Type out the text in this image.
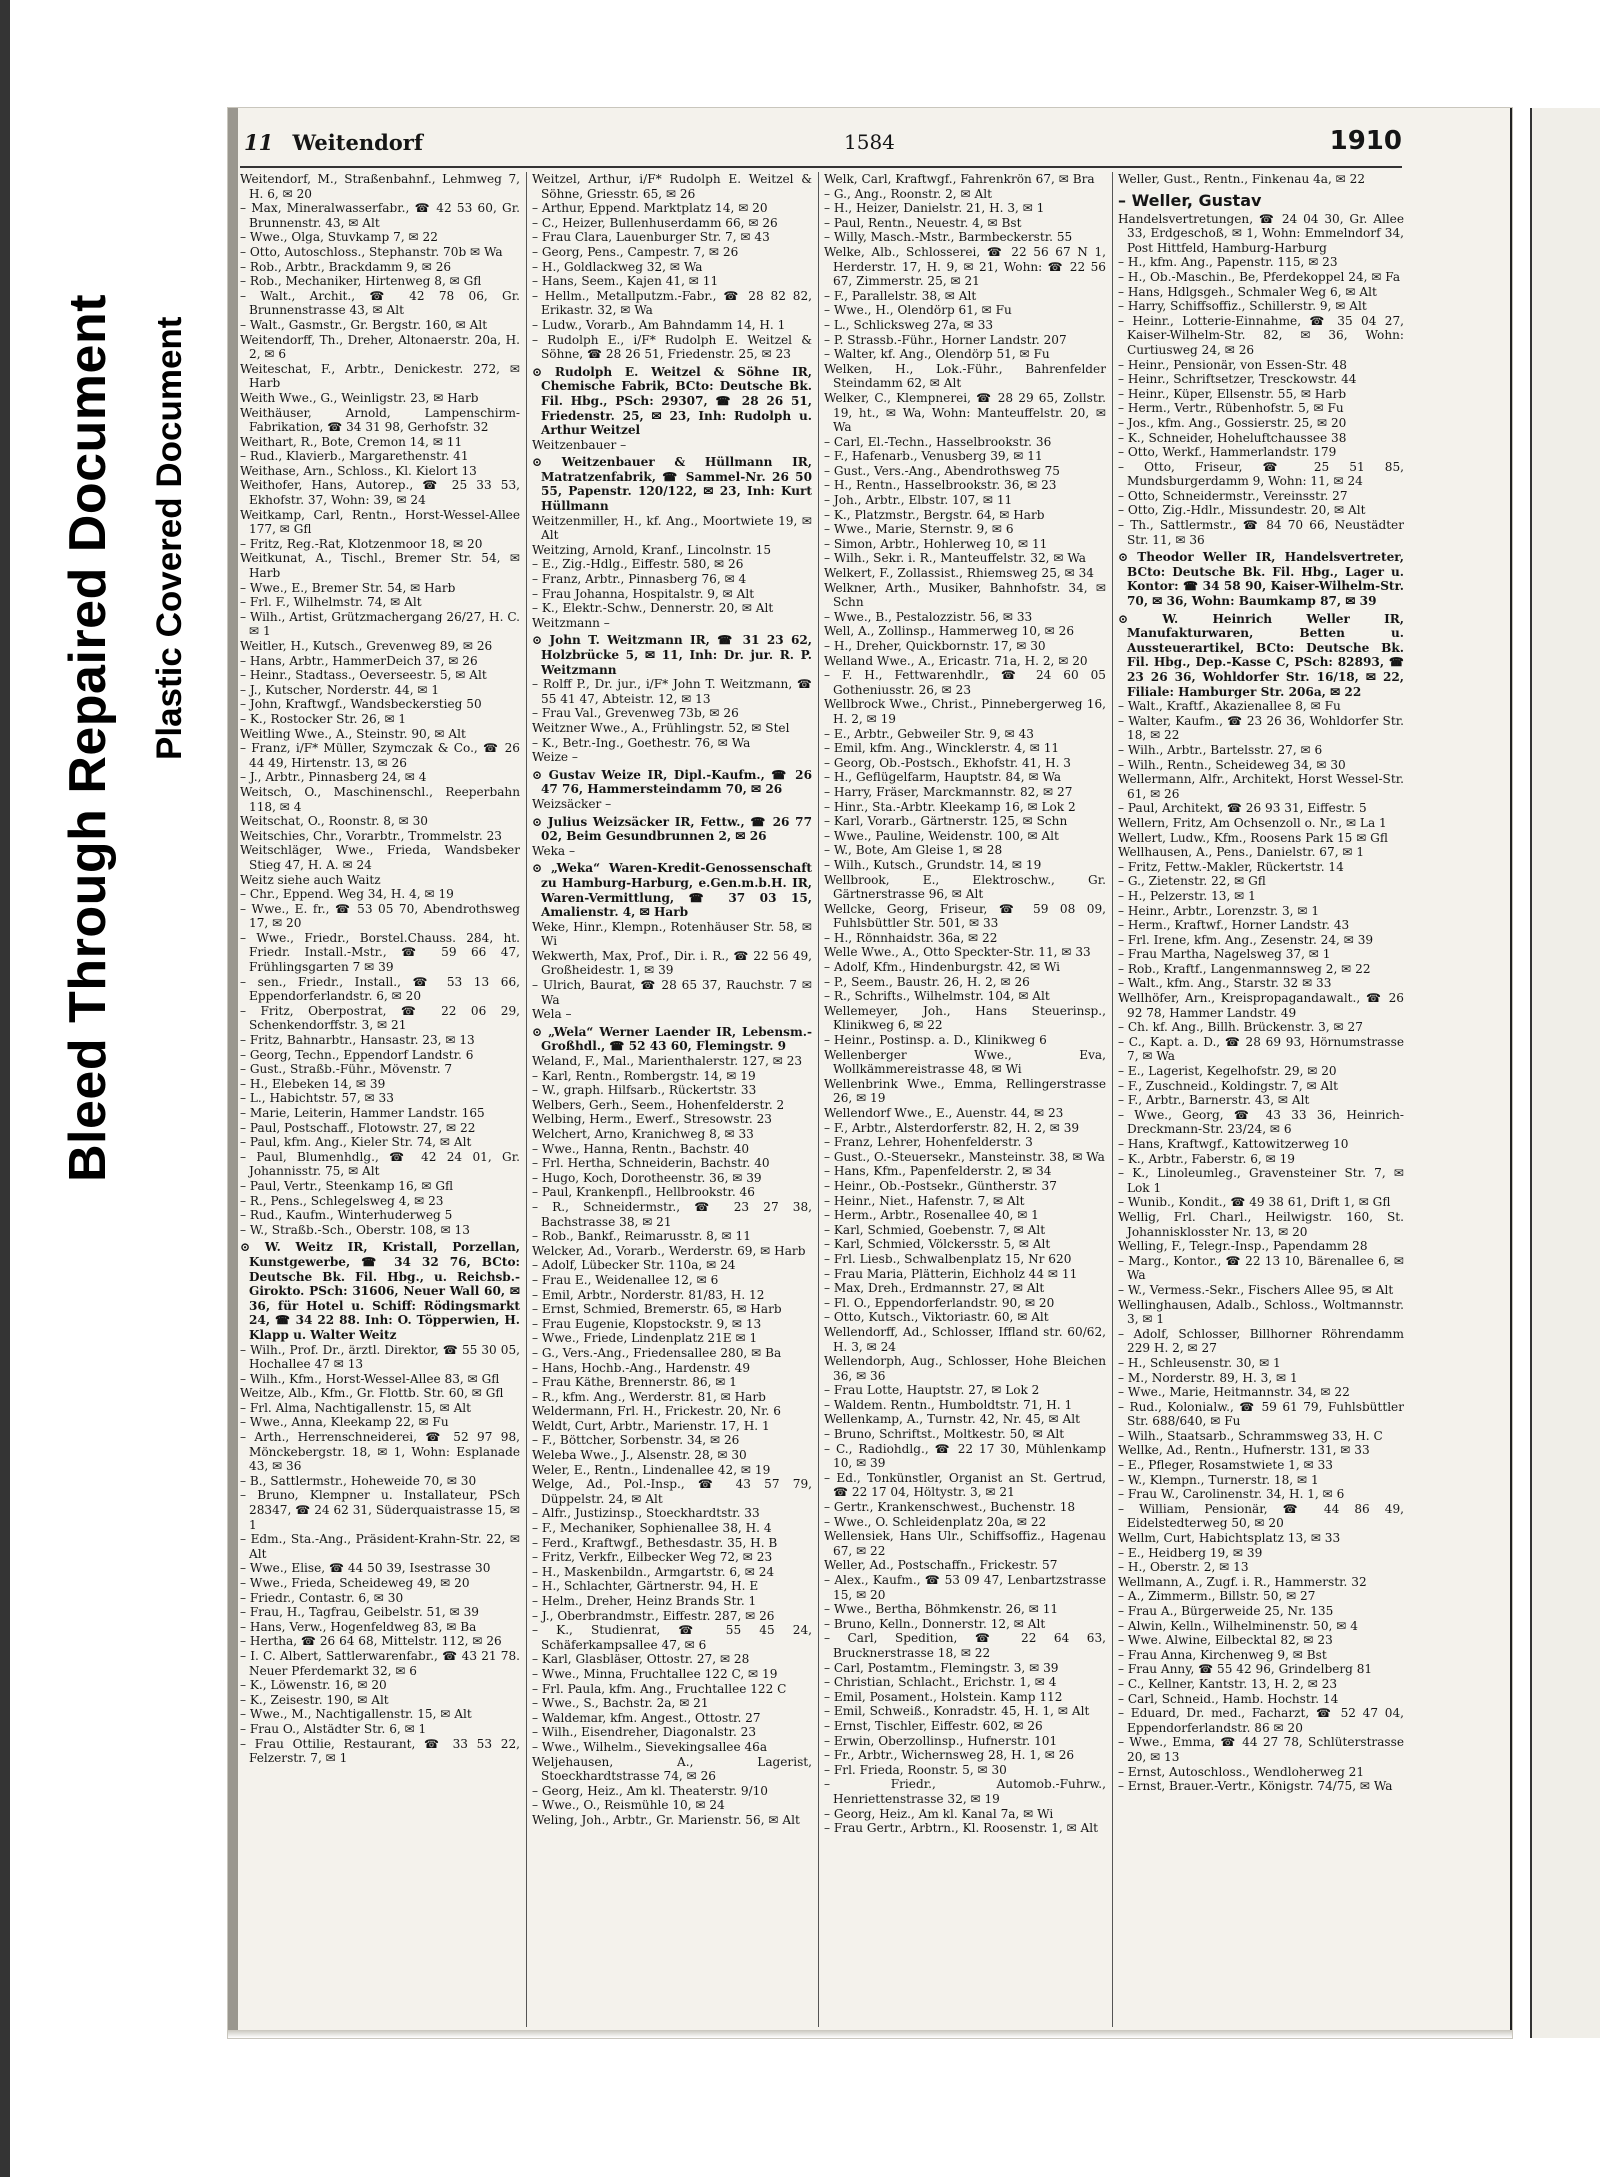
Bleed Through Repaired Document Plastic Covered Document
11 Weitendorf	1584	1910

Weitendorf, M., Straßenbahnf., Lehmweg 7, H. 6, ✉ 20

– Max, Mineralwasserfabr., ☎ 42 53 60, Gr. Brunnenstr. 43, ✉ Alt

– Wwe., Olga, Stuvkamp 7, ✉ 22

– Otto, Autoschloss., Stephanstr. 70b ✉ Wa

– Rob., Arbtr., Brackdamm 9, ✉ 26

– Rob., Mechaniker, Hirtenweg 8, ✉ Gfl

– Walt., Archit., ☎ 42 78 06, Gr. Brunnenstrasse 43, ✉ Alt

– Walt., Gasmstr., Gr. Bergstr. 160, ✉ Alt

Weitendorff, Th., Dreher, Altonaerstr. 20a, H. 2, ✉ 6

Weiteschat, F., Arbtr., Denickestr. 272, ✉ Harb

Weith Wwe., G., Weinligstr. 23, ✉ Harb

Weithäuser, Arnold, Lampenschirm-Fabrikation, ☎ 34 31 98, Gerhofstr. 32

Weithart, R., Bote, Cremon 14, ✉ 11

– Rud., Klavierb., Margarethenstr. 41

Weithase, Arn., Schloss., Kl. Kielort 13

Weithofer, Hans, Autorep., ☎ 25 33 53, Ekhofstr. 37, Wohn: 39, ✉ 24

Weitkamp, Carl, Rentn., Horst-Wessel-Allee 177, ✉ Gfl

– Fritz, Reg.-Rat, Klotzenmoor 18, ✉ 20

Weitkunat, A., Tischl., Bremer Str. 54, ✉ Harb

– Wwe., E., Bremer Str. 54, ✉ Harb

– Frl. F., Wilhelmstr. 74, ✉ Alt

– Wilh., Artist, Grützmachergang 26/27, H. C. ✉ 1

Weitler, H., Kutsch., Grevenweg 89, ✉ 26

– Hans, Arbtr., HammerDeich 37, ✉ 26

– Heinr., Stadtass., Oeverseestr. 5, ✉ Alt

– J., Kutscher, Norderstr. 44, ✉ 1

– John, Kraftwgf., Wandsbeckerstieg 50

– K., Rostocker Str. 26, ✉ 1

Weitling Wwe., A., Steinstr. 90, ✉ Alt

– Franz, i/F* Müller, Szymczak & Co., ☎ 26 44 49, Hirtenstr. 13, ✉ 26

– J., Arbtr., Pinnasberg 24, ✉ 4

Weitsch, O., Maschinenschl., Reeperbahn 118, ✉ 4

Weitschat, O., Roonstr. 8, ✉ 30

Weitschies, Chr., Vorarbtr., Trommelstr. 23

Weitschläger, Wwe., Frieda, Wandsbeker Stieg 47, H. A. ✉ 24

Weitz siehe auch Waitz

– Chr., Eppend. Weg 34, H. 4, ✉ 19

– Wwe., E. fr., ☎ 53 05 70, Abendrothsweg 17, ✉ 20

– Wwe., Friedr., Borstel.Chauss. 284, ht. Friedr. Install.-Mstr., ☎ 59 66 47, Frühlingsgarten 7 ✉ 39

– sen., Friedr., Install., ☎ 53 13 66, Eppendorferlandstr. 6, ✉ 20

– Fritz, Oberpostrat, ☎ 22 06 29, Schenkendorffstr. 3, ✉ 21

– Fritz, Bahnarbtr., Hansastr. 23, ✉ 13

– Georg, Techn., Eppendorf Landstr. 6

– Gust., Straßb.-Führ., Mövenstr. 7

– H., Elebeken 14, ✉ 39

– L., Habichtstr. 57, ✉ 33

– Marie, Leiterin, Hammer Landstr. 165

– Paul, Postschaff., Flotowstr. 27, ✉ 22

– Paul, kfm. Ang., Kieler Str. 74, ✉ Alt

– Paul, Blumenhdlg., ☎ 42 24 01, Gr. Johannisstr. 75, ✉ Alt

– Paul, Vertr., Steenkamp 16, ✉ Gfl

– R., Pens., Schlegelsweg 4, ✉ 23

– Rud., Kaufm., Winterhuderweg 5

– W., Straßb.-Sch., Oberstr. 108, ✉ 13

⊙ W. Weitz IR, Kristall, Porzellan, Kunstgewerbe, ☎ 34 32 76, BCto: Deutsche Bk. Fil. Hbg., u. Reichsb.-Girokto. PSch: 31606, Neuer Wall 60, ✉ 36, für Hotel u. Schiff: Rödingsmarkt 24, ☎ 34 22 88. Inh: O. Töpperwien, H. Klapp u. Walter Weitz

– Wilh., Prof. Dr., ärztl. Direktor, ☎ 55 30 05, Hochallee 47 ✉ 13

– Wilh., Kfm., Horst-Wessel-Allee 83, ✉ Gfl

Weitze, Alb., Kfm., Gr. Flottb. Str. 60, ✉ Gfl

– Frl. Alma, Nachtigallenstr. 15, ✉ Alt

– Wwe., Anna, Kleekamp 22, ✉ Fu

– Arth., Herrenschneiderei, ☎ 52 97 98, Mönckebergstr. 18, ✉ 1, Wohn: Esplanade 43, ✉ 36

– B., Sattlermstr., Hoheweide 70, ✉ 30

– Bruno, Klempner u. Installateur, PSch 28347, ☎ 24 62 31, Süderquaistrasse 15, ✉ 1

– Edm., Sta.-Ang., Präsident-Krahn-Str. 22, ✉ Alt

– Wwe., Elise, ☎ 44 50 39, Isestrasse 30

– Wwe., Frieda, Scheideweg 49, ✉ 20

– Friedr., Contastr. 6, ✉ 30

– Frau, H., Tagfrau, Geibelstr. 51, ✉ 39

– Hans, Verw., Hogenfeldweg 83, ✉ Ba

– Hertha, ☎ 26 64 68, Mittelstr. 112, ✉ 26

– I. C. Albert, Sattlerwarenfabr., ☎ 43 21 78. Neuer Pferdemarkt 32, ✉ 6

– K., Löwenstr. 16, ✉ 20

– K., Zeisestr. 190, ✉ Alt

– Wwe., M., Nachtigallenstr. 15, ✉ Alt

– Frau O., Alstädter Str. 6, ✉ 1

– Frau Ottilie, Restaurant, ☎ 33 53 22, Felzerstr. 7, ✉ 1

Weitzel, Arthur, i/F* Rudolph E. Weitzel & Söhne, Griesstr. 65, ✉ 26

– Arthur, Eppend. Marktplatz 14, ✉ 20

– C., Heizer, Bullenhuserdamm 66, ✉ 26

– Frau Clara, Lauenburger Str. 7, ✉ 43

– Georg, Pens., Campestr. 7, ✉ 26

– H., Goldlackweg 32, ✉ Wa

– Hans, Seem., Kajen 41, ✉ 11

– Hellm., Metallputzm.-Fabr., ☎ 28 82 82, Erikastr. 32, ✉ Wa

– Ludw., Vorarb., Am Bahndamm 14, H. 1

– Rudolph E., i/F* Rudolph E. Weitzel & Söhne, ☎ 28 26 51, Friedenstr. 25, ✉ 23

⊙ Rudolph E. Weitzel & Söhne IR, Chemische Fabrik, BCto: Deutsche Bk. Fil. Hbg., PSch: 29307, ☎ 28 26 51, Friedenstr. 25, ✉ 23, Inh: Rudolph u. Arthur Weitzel

Weitzenbauer –

⊙ Weitzenbauer & Hüllmann IR, Matratzenfabrik, ☎ Sammel-Nr. 26 50 55, Papenstr. 120/122, ✉ 23, Inh: Kurt Hüllmann

Weitzenmiller, H., kf. Ang., Moortwiete 19, ✉ Alt

Weitzing, Arnold, Kranf., Lincolnstr. 15

– E., Zig.-Hdlg., Eiffestr. 580, ✉ 26

– Franz, Arbtr., Pinnasberg 76, ✉ 4

– Frau Johanna, Hospitalstr. 9, ✉ Alt

– K., Elektr.-Schw., Dennerstr. 20, ✉ Alt

Weitzmann –

⊙ John T. Weitzmann IR, ☎ 31 23 62, Holzbrücke 5, ✉ 11, Inh: Dr. jur. R. P. Weitzmann

– Rolff P., Dr. jur., i/F* John T. Weitzmann, ☎ 55 41 47, Abteistr. 12, ✉ 13

– Frau Val., Grevenweg 73b, ✉ 26

Weitzner Wwe., A., Frühlingstr. 52, ✉ Stel

– K., Betr.-Ing., Goethestr. 76, ✉ Wa

Weize –

⊙ Gustav Weize IR, Dipl.-Kaufm., ☎ 26 47 76, Hammersteindamm 70, ✉ 26

Weizsäcker –

⊙ Julius Weizsäcker IR, Fettw., ☎ 26 77 02, Beim Gesundbrunnen 2, ✉ 26

Weka –

⊙ „Weka“ Waren-Kredit-Genossenschaft zu Hamburg-Harburg, e.Gen.m.b.H. IR, Waren-Vermittlung, ☎ 37 03 15, Amalienstr. 4, ✉ Harb

Weke, Hinr., Klempn., Rotenhäuser Str. 58, ✉ Wi

Wekwerth, Max, Prof., Dir. i. R., ☎ 22 56 49, Großheidestr. 1, ✉ 39

– Ulrich, Baurat, ☎ 28 65 37, Rauchstr. 7 ✉ Wa

Wela –

⊙ „Wela“ Werner Laender IR, Lebensm.-Großhdl., ☎ 52 43 60, Flemingstr. 9

Weland, F., Mal., Marienthalerstr. 127, ✉ 23

– Karl, Rentn., Rombergstr. 14, ✉ 19

– W., graph. Hilfsarb., Rückertstr. 33

Welbers, Gerh., Seem., Hohenfelderstr. 2

Welbing, Herm., Ewerf., Stresowstr. 23

Welchert, Arno, Kranichweg 8, ✉ 33

– Wwe., Hanna, Rentn., Bachstr. 40

– Frl. Hertha, Schneiderin, Bachstr. 40

– Hugo, Koch, Dorotheenstr. 36, ✉ 39

– Paul, Krankenpfl., Hellbrookstr. 46

– R., Schneidermstr., ☎ 23 27 38, Bachstrasse 38, ✉ 21

– Rob., Bankf., Reimarusstr. 8, ✉ 11

Welcker, Ad., Vorarb., Werderstr. 69, ✉ Harb

– Adolf, Lübecker Str. 110a, ✉ 24

– Frau E., Weidenallee 12, ✉ 6

– Emil, Arbtr., Norderstr. 81/83, H. 12

– Ernst, Schmied, Bremerstr. 65, ✉ Harb

– Frau Eugenie, Klopstockstr. 9, ✉ 13

– Wwe., Friede, Lindenplatz 21E ✉ 1

– G., Vers.-Ang., Friedensallee 280, ✉ Ba

– Hans, Hochb.-Ang., Hardenstr. 49

– Frau Käthe, Brennerstr. 86, ✉ 1

– R., kfm. Ang., Werderstr. 81, ✉ Harb

Weldermann, Frl. H., Frickestr. 20, Nr. 6

Weldt, Curt, Arbtr., Marienstr. 17, H. 1

– F., Böttcher, Sorbenstr. 34, ✉ 26

Weleba Wwe., J., Alsenstr. 28, ✉ 30

Weler, E., Rentn., Lindenallee 42, ✉ 19

Welge, Ad., Pol.-Insp., ☎ 43 57 79, Düppelstr. 24, ✉ Alt

– Alfr., Justizinsp., Stoeckhardtstr. 33

– F., Mechaniker, Sophienallee 38, H. 4

– Ferd., Kraftwgf., Bethesdastr. 35, H. B

– Fritz, Verkfr., Eilbecker Weg 72, ✉ 23

– H., Maskenbildn., Armgartstr. 6, ✉ 24

– H., Schlachter, Gärtnerstr. 94, H. E

– Helm., Dreher, Heinz Brands Str. 1

– J., Oberbrandmstr., Eiffestr. 287, ✉ 26

– K., Studienrat, ☎ 55 45 24, Schäferkampsallee 47, ✉ 6

– Karl, Glasbläser, Ottostr. 27, ✉ 28

– Wwe., Minna, Fruchtallee 122 C, ✉ 19

– Frl. Paula, kfm. Ang., Fruchtallee 122 C

– Wwe., S., Bachstr. 2a, ✉ 21

– Waldemar, kfm. Angest., Ottostr. 27

– Wilh., Eisendreher, Diagonalstr. 23

– Wwe., Wilhelm., Sievekingsallee 46a

Weljehausen, A., Lagerist, Stoeckhardtstrasse 74, ✉ 26

– Georg, Heiz., Am kl. Theaterstr. 9/10

– Wwe., O., Reismühle 10, ✉ 24

Weling, Joh., Arbtr., Gr. Marienstr. 56, ✉ Alt

Welk, Carl, Kraftwgf., Fahrenkrön 67, ✉ Bra

– G., Ang., Roonstr. 2, ✉ Alt

– H., Heizer, Danielstr. 21, H. 3, ✉ 1

– Paul, Rentn., Neuestr. 4, ✉ Bst

– Willy, Masch.-Mstr., Barmbeckerstr. 55

Welke, Alb., Schlosserei, ☎ 22 56 67 N 1, Herderstr. 17, H. 9, ✉ 21, Wohn: ☎ 22 56 67, Zimmerstr. 25, ✉ 21

– F., Parallelstr. 38, ✉ Alt

– Wwe., H., Olendörp 61, ✉ Fu

– L., Schlicksweg 27a, ✉ 33

– P. Strassb.-Führ., Horner Landstr. 207

– Walter, kf. Ang., Olendörp 51, ✉ Fu

Welken, H., Lok.-Führ., Bahrenfelder Steindamm 62, ✉ Alt

Welker, C., Klempnerei, ☎ 28 29 65, Zollstr. 19, ht., ✉ Wa, Wohn: Manteuffelstr. 20, ✉ Wa

– Carl, El.-Techn., Hasselbrookstr. 36

– F., Hafenarb., Venusberg 39, ✉ 11

– Gust., Vers.-Ang., Abendrothsweg 75

– H., Rentn., Hasselbrookstr. 36, ✉ 23

– Joh., Arbtr., Elbstr. 107, ✉ 11

– K., Platzmstr., Bergstr. 64, ✉ Harb

– Wwe., Marie, Sternstr. 9, ✉ 6

– Simon, Arbtr., Hohlerweg 10, ✉ 11

– Wilh., Sekr. i. R., Manteuffelstr. 32, ✉ Wa

Welkert, F., Zollassist., Rhiemsweg 25, ✉ 34

Welkner, Arth., Musiker, Bahnhofstr. 34, ✉ Schn

– Wwe., B., Pestalozzistr. 56, ✉ 33

Well, A., Zollinsp., Hammerweg 10, ✉ 26

– H., Dreher, Quickbornstr. 17, ✉ 30

Welland Wwe., A., Ericastr. 71a, H. 2, ✉ 20

– F. H., Fettwarenhdlr., ☎ 24 60 05 Gotheniusstr. 26, ✉ 23

Wellbrock Wwe., Christ., Pinnebergerweg 16, H. 2, ✉ 19

– E., Arbtr., Gebweiler Str. 9, ✉ 43

– Emil, kfm. Ang., Wincklerstr. 4, ✉ 11

– Georg, Ob.-Postsch., Ekhofstr. 41, H. 3

– H., Geflügelfarm, Hauptstr. 84, ✉ Wa

– Harry, Fräser, Marckmannstr. 82, ✉ 27

– Hinr., Sta.-Arbtr. Kleekamp 16, ✉ Lok 2

– Karl, Vorarb., Gärtnerstr. 125, ✉ Schn

– Wwe., Pauline, Weidenstr. 100, ✉ Alt

– W., Bote, Am Gleise 1, ✉ 28

– Wilh., Kutsch., Grundstr. 14, ✉ 19

Wellbrook, E., Elektroschw., Gr. Gärtnerstrasse 96, ✉ Alt

Wellcke, Georg, Friseur, ☎ 59 08 09, Fuhlsbüttler Str. 501, ✉ 33

– H., Rönnhaidstr. 36a, ✉ 22

Welle Wwe., A., Otto Speckter-Str. 11, ✉ 33

– Adolf, Kfm., Hindenburgstr. 42, ✉ Wi

– P., Seem., Baustr. 26, H. 2, ✉ 26

– R., Schrifts., Wilhelmstr. 104, ✉ Alt

Wellemeyer, Joh., Hans Steuerinsp., Klinikweg 6, ✉ 22

– Heinr., Postinsp. a. D., Klinikweg 6

Wellenberger Wwe., Eva, Wollkämmereistrasse 48, ✉ Wi

Wellenbrink Wwe., Emma, Rellingerstrasse 26, ✉ 19

Wellendorf Wwe., E., Auenstr. 44, ✉ 23

– F., Arbtr., Alsterdorferstr. 82, H. 2, ✉ 39

– Franz, Lehrer, Hohenfelderstr. 3

– Gust., O.-Steuersekr., Mansteinstr. 38, ✉ Wa

– Hans, Kfm., Papenfelderstr. 2, ✉ 34

– Heinr., Ob.-Postsekr., Güntherstr. 37

– Heinr., Niet., Hafenstr. 7, ✉ Alt

– Herm., Arbtr., Rosenallee 40, ✉ 1

– Karl, Schmied, Goebenstr. 7, ✉ Alt

– Karl, Schmied, Völckersstr. 5, ✉ Alt

– Frl. Liesb., Schwalbenplatz 15, Nr 620

– Frau Maria, Plätterin, Eichholz 44 ✉ 11

– Max, Dreh., Erdmannstr. 27, ✉ Alt

– Fl. O., Eppendorferlandstr. 90, ✉ 20

– Otto, Kutsch., Viktoriastr. 60, ✉ Alt

Wellendorff, Ad., Schlosser, Iffland str. 60/62, H. 3, ✉ 24

Wellendorph, Aug., Schlosser, Hohe Bleichen 36, ✉ 36

– Frau Lotte, Hauptstr. 27, ✉ Lok 2

– Waldem. Rentn., Humboldtstr. 71, H. 1

Wellenkamp, A., Turnstr. 42, Nr. 45, ✉ Alt

– Bruno, Schriftst., Moltkestr. 50, ✉ Alt

– C., Radiohdlg., ☎ 22 17 30, Mühlenkamp 10, ✉ 39

– Ed., Tonkünstler, Organist an St. Gertrud, ☎ 22 17 04, Höltystr. 3, ✉ 21

– Gertr., Krankenschwest., Buchenstr. 18

– Wwe., O. Schleidenplatz 20a, ✉ 22

Wellensiek, Hans Ulr., Schiffsoffiz., Hagenau 67, ✉ 22

Weller, Ad., Postschaffn., Frickestr. 57

– Alex., Kaufm., ☎ 53 09 47, Lenbartzstrasse 15, ✉ 20

– Wwe., Bertha, Böhmkenstr. 26, ✉ 11

– Bruno, Kelln., Donnerstr. 12, ✉ Alt

– Carl, Spedition, ☎ 22 64 63, Brucknerstrasse 18, ✉ 22

– Carl, Postamtm., Flemingstr. 3, ✉ 39

– Christian, Schlacht., Erichstr. 1, ✉ 4

– Emil, Posament., Holstein. Kamp 112

– Emil, Schweiß., Konradstr. 45, H. 1, ✉ Alt

– Ernst, Tischler, Eiffestr. 602, ✉ 26

– Erwin, Oberzollinsp., Hufnerstr. 101

– Fr., Arbtr., Wichernsweg 28, H. 1, ✉ 26

– Frl. Frieda, Roonstr. 5, ✉ 30

– Friedr., Automob.-Fuhrw., Henriettenstrasse 32, ✉ 19

– Georg, Heiz., Am kl. Kanal 7a, ✉ Wi

– Frau Gertr., Arbtrn., Kl. Roosenstr. 1, ✉ Alt

Weller, Gust., Rentn., Finkenau 4a, ✉ 22

– Weller, Gustav

Handelsvertretungen, ☎ 24 04 30, Gr. Allee 33, Erdgeschoß, ✉ 1, Wohn: Emmelndorf 34, Post Hittfeld, Hamburg-Harburg

– H., kfm. Ang., Papenstr. 115, ✉ 23

– H., Ob.-Maschin., Be, Pferdekoppel 24, ✉ Fa

– Hans, Hdlgsgeh., Schmaler Weg 6, ✉ Alt

– Harry, Schiffsoffiz., Schillerstr. 9, ✉ Alt

– Heinr., Lotterie-Einnahme, ☎ 35 04 27, Kaiser-Wilhelm-Str. 82, ✉ 36, Wohn: Curtiusweg 24, ✉ 26

– Heinr., Pensionär, von Essen-Str. 48

– Heinr., Schriftsetzer, Tresckowstr. 44

– Heinr., Küper, Ellsenstr. 55, ✉ Harb

– Herm., Vertr., Rübenhofstr. 5, ✉ Fu

– Jos., kfm. Ang., Gossierstr. 25, ✉ 20

– K., Schneider, Hoheluftchaussee 38

– Otto, Werkf., Hammerlandstr. 179

– Otto, Friseur, ☎ 25 51 85, Mundsburgerdamm 9, Wohn: 11, ✉ 24

– Otto, Schneidermstr., Vereinsstr. 27

– Otto, Zig.-Hdlr., Missundestr. 20, ✉ Alt

– Th., Sattlermstr., ☎ 84 70 66, Neustädter Str. 11, ✉ 36

⊙ Theodor Weller IR, Handelsvertreter, BCto: Deutsche Bk. Fil. Hbg., Lager u. Kontor: ☎ 34 58 90, Kaiser-Wilhelm-Str. 70, ✉ 36, Wohn: Baumkamp 87, ✉ 39

⊙ W. Heinrich Weller IR, Manufakturwaren, Betten u. Aussteuerartikel, BCto: Deutsche Bk. Fil. Hbg., Dep.-Kasse C, PSch: 82893, ☎ 23 26 36, Wohldorfer Str. 16/18, ✉ 22, Filiale: Hamburger Str. 206a, ✉ 22

– Walt., Kraftf., Akazienallee 8, ✉ Fu

– Walter, Kaufm., ☎ 23 26 36, Wohldorfer Str. 18, ✉ 22

– Wilh., Arbtr., Bartelsstr. 27, ✉ 6

– Wilh., Rentn., Scheideweg 34, ✉ 30

Wellermann, Alfr., Architekt, Horst Wessel-Str. 61, ✉ 26

– Paul, Architekt, ☎ 26 93 31, Eiffestr. 5

Wellern, Fritz, Am Ochsenzoll o. Nr., ✉ La 1

Wellert, Ludw., Kfm., Roosens Park 15 ✉ Gfl

Wellhausen, A., Pens., Danielstr. 67, ✉ 1

– Fritz, Fettw.-Makler, Rückertstr. 14

– G., Zietenstr. 22, ✉ Gfl

– H., Pelzerstr. 13, ✉ 1

– Heinr., Arbtr., Lorenzstr. 3, ✉ 1

– Herm., Kraftwf., Horner Landstr. 43

– Frl. Irene, kfm. Ang., Zesenstr. 24, ✉ 39

– Frau Martha, Nagelsweg 37, ✉ 1

– Rob., Kraftf., Langenmannsweg 2, ✉ 22

– Walt., kfm. Ang., Starstr. 32 ✉ 33

Wellhöfer, Arn., Kreispropagandawalt., ☎ 26 92 78, Hammer Landstr. 49

– Ch. kf. Ang., Billh. Brückenstr. 3, ✉ 27

– C., Kapt. a. D., ☎ 28 69 93, Hörnumstrasse 7, ✉ Wa

– E., Lagerist, Kegelhofstr. 29, ✉ 20

– F., Zuschneid., Koldingstr. 7, ✉ Alt

– F., Arbtr., Barnerstr. 43, ✉ Alt

– Wwe., Georg, ☎ 43 33 36, Heinrich-Dreckmann-Str. 23/24, ✉ 6

– Hans, Kraftwgf., Kattowitzerweg 10

– K., Arbtr., Faberstr. 6, ✉ 19

– K., Linoleumleg., Gravensteiner Str. 7, ✉ Lok 1

– Wunib., Kondit., ☎ 49 38 61, Drift 1, ✉ Gfl

Wellig, Frl. Charl., Heilwigstr. 160, St. Johannisklosster Nr. 13, ✉ 20

Welling, F., Telegr.-Insp., Papendamm 28

– Marg., Kontor., ☎ 22 13 10, Bärenallee 6, ✉ Wa

– W., Vermess.-Sekr., Fischers Allee 95, ✉ Alt

Wellinghausen, Adalb., Schloss., Woltmannstr. 3, ✉ 1

– Adolf, Schlosser, Billhorner Röhrendamm 229 H. 2, ✉ 27

– H., Schleusenstr. 30, ✉ 1

– M., Norderstr. 89, H. 3, ✉ 1

– Wwe., Marie, Heitmannstr. 34, ✉ 22

– Rud., Kolonialw., ☎ 59 61 79, Fuhlsbüttler Str. 688/640, ✉ Fu

– Wilh., Staatsarb., Schrammsweg 33, H. C

Wellke, Ad., Rentn., Hufnerstr. 131, ✉ 33

– E., Pfleger, Rosamstwiete 1, ✉ 33

– W., Klempn., Turnerstr. 18, ✉ 1

– Frau W., Carolinenstr. 34, H. 1, ✉ 6

– William, Pensionär, ☎ 44 86 49, Eidelstedterweg 50, ✉ 20

Wellm, Curt, Habichtsplatz 13, ✉ 33

– E., Heidberg 19, ✉ 39

– H., Oberstr. 2, ✉ 13

Wellmann, A., Zugf. i. R., Hammerstr. 32

– A., Zimmerm., Billstr. 50, ✉ 27

– Frau A., Bürgerweide 25, Nr. 135

– Alwin, Kelln., Wilhelminenstr. 50, ✉ 4

– Wwe. Alwine, Eilbecktal 82, ✉ 23

– Frau Anna, Kirchenweg 9, ✉ Bst

– Frau Anny, ☎ 55 42 96, Grindelberg 81

– C., Kellner, Kantstr. 13, H. 2, ✉ 23

– Carl, Schneid., Hamb. Hochstr. 14

– Eduard, Dr. med., Facharzt, ☎ 52 47 04, Eppendorferlandstr. 86 ✉ 20

– Wwe., Emma, ☎ 44 27 78, Schlüterstrasse 20, ✉ 13

– Ernst, Autoschloss., Wendloherweg 21

– Ernst, Brauer.-Vertr., Königstr. 74/75, ✉ Wa
